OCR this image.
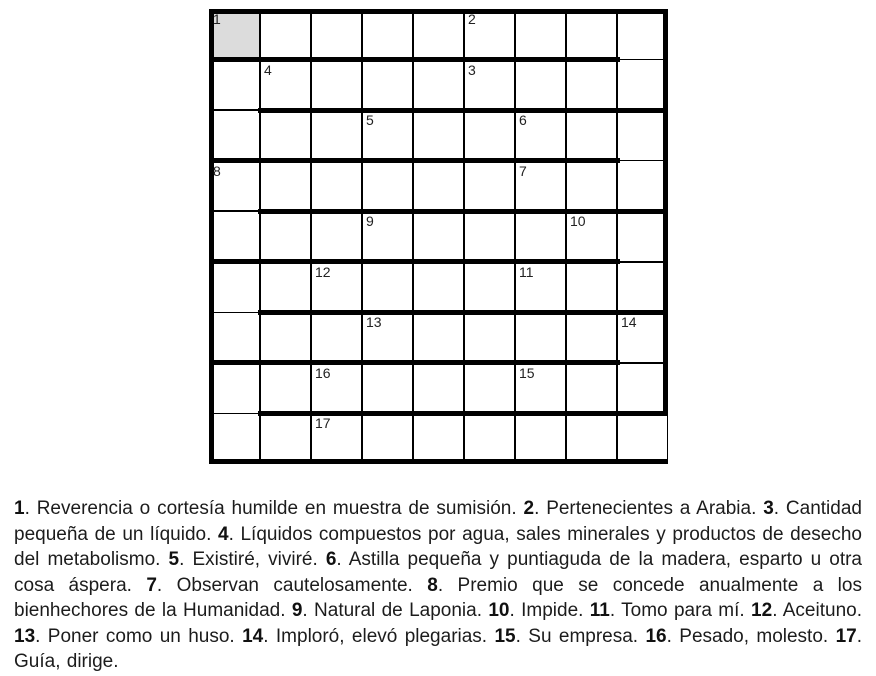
1	2
4	3
5	6
8	7
9	10
12	11
13	14
16	15
17

1. Reverencia o cortesía humilde en muestra de sumisión. 2. Pertenecientes a Arabia. 3. Cantidad pequeña de un líquido. 4. Líquidos compuestos por agua, sales minerales y productos de desecho del metabolismo. 5. Existiré, viviré. 6. Astilla pequeña y puntiaguda de la madera, esparto u otra cosa áspera. 7. Observan cautelosamente. 8. Premio que se concede anualmente a los bienhechores de la Humanidad. 9. Natural de Laponia. 10. Impide. 11. Tomo para mí. 12. Aceituno. 13. Poner como un huso. 14. Imploró, elevó plegarias. 15. Su empresa. 16. Pesado, molesto. 17. Guía, dirige.
